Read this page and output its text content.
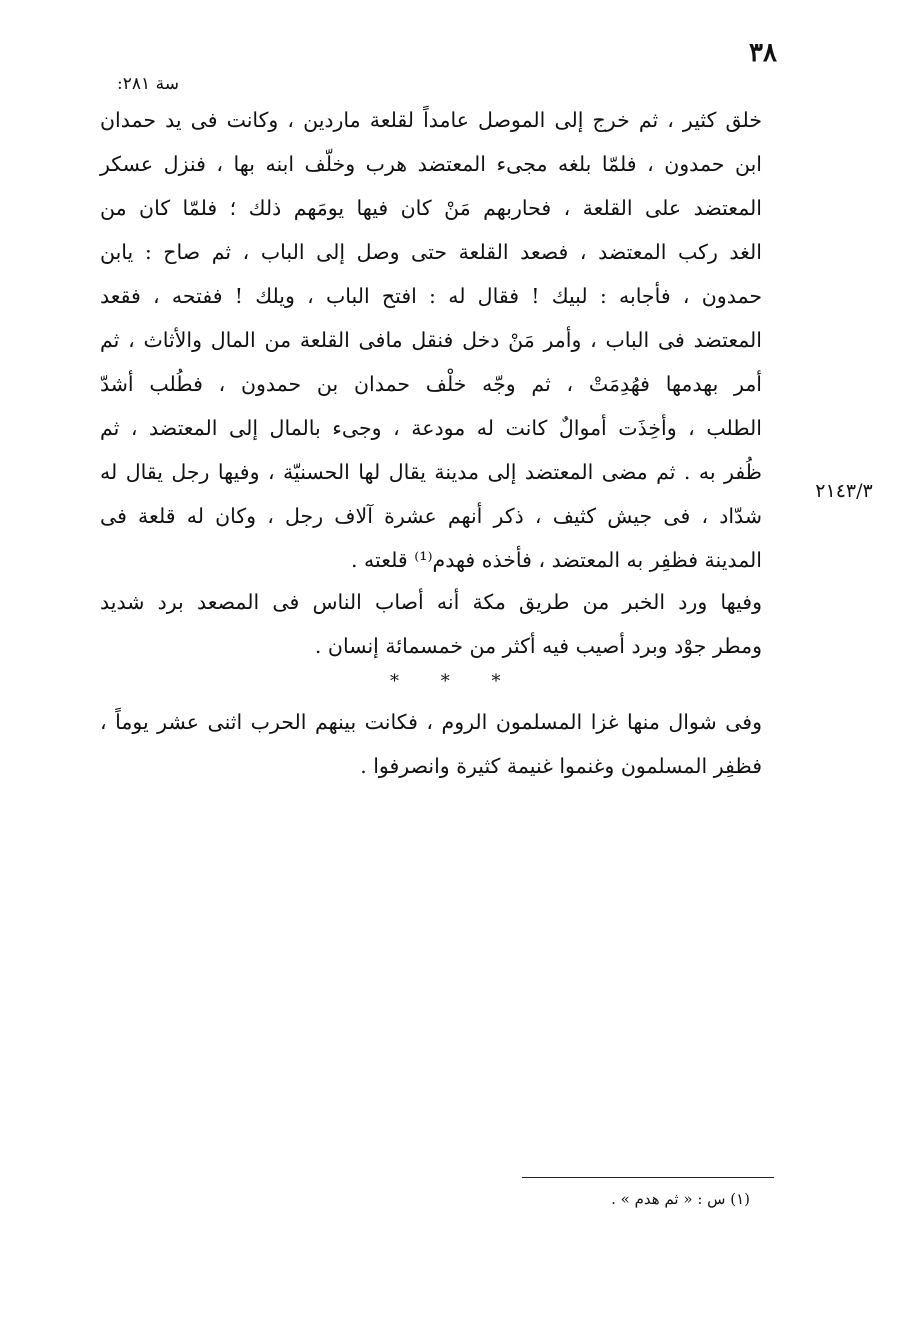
٣٨
سة ٢٨١:
٢١٤٣/٣
خلق كثير ، ثم خرج إلى الموصل عامداً لقلعة ماردين ، وكانت فى يد حمدان
ابن حمدون ، فلمّا بلغه مجىء المعتضد هرب وخلّف ابنه بها ، فنزل عسكر
المعتضد على القلعة ، فحاربهم مَنْ كان فيها يومَهم ذلك ؛ فلمّا كان من
الغد ركب المعتضد ، فصعد القلعة حتى وصل إلى الباب ، ثم صاح : يابن
حمدون ، فأجابه : لبيك ! فقال له : افتح الباب ، ويلك ! ففتحه ، فقعد
المعتضد فى الباب ، وأمر مَنْ دخل فنقل مافى القلعة من المال والأثاث ، ثم
أمر بهدمها فهُدِمَتْ ، ثم وجّه خلْف حمدان بن حمدون ، فطُلب أشدّ
الطلب ، وأخِذَت أموالٌ كانت له مودعة ، وجىء بالمال إلى المعتضد ، ثم
ظُفر به . ثم مضى المعتضد إلى مدينة يقال لها الحسنيّة ، وفيها رجل يقال له
شدّاد ، فى جيش كثيف ، ذكر أنهم عشرة آلاف رجل ، وكان له قلعة فى
المدينة فظفِر به المعتضد ، فأخذه فهدم⁽¹⁾ قلعته .
وفيها ورد الخبر من طريق مكة أنه أصاب الناس فى المصعد برد شديد
ومطر جوْد وبرد أصيب فيه أكثر من خمسمائة إنسان .
* * *
وفى شوال منها غزا المسلمون الروم ، فكانت بينهم الحرب اثنى عشر يوماً ،
فظفِر المسلمون وغنموا غنيمة كثيرة وانصرفوا .
(١) س : « ثم هدم » .
